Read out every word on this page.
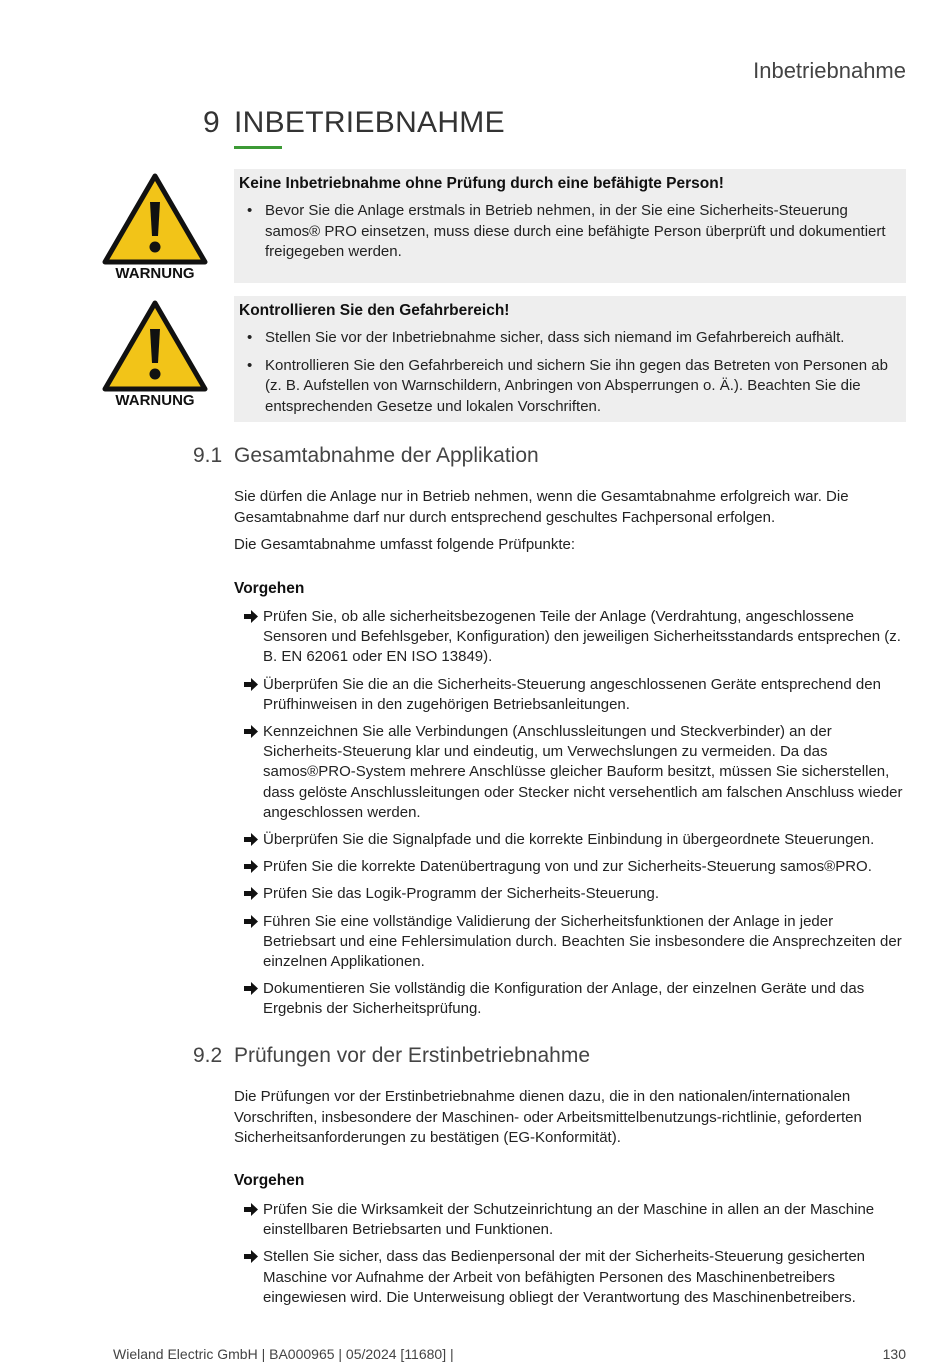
Inbetriebnahme
9 INBETRIEBNAHME
WARNUNG
Keine Inbetriebnahme ohne Prüfung durch eine befähigte Person!
• Bevor Sie die Anlage erstmals in Betrieb nehmen, in der Sie eine Sicherheits-Steuerung samos® PRO einsetzen, muss diese durch eine befähigte Person überprüft und dokumentiert freigegeben werden.
WARNUNG
Kontrollieren Sie den Gefahrbereich!
• Stellen Sie vor der Inbetriebnahme sicher, dass sich niemand im Gefahrbereich aufhält.
• Kontrollieren Sie den Gefahrbereich und sichern Sie ihn gegen das Betreten von Personen ab (z. B. Aufstellen von Warnschildern, Anbringen von Absperrungen o. Ä.). Beachten Sie die entsprechenden Gesetze und lokalen Vorschriften.
9.1 Gesamtabnahme der Applikation
Sie dürfen die Anlage nur in Betrieb nehmen, wenn die Gesamtabnahme erfolgreich war. Die Gesamtabnahme darf nur durch entsprechend geschultes Fachpersonal erfolgen.
Die Gesamtabnahme umfasst folgende Prüfpunkte:
Vorgehen
Prüfen Sie, ob alle sicherheitsbezogenen Teile der Anlage (Verdrahtung, angeschlossene Sensoren und Befehlsgeber, Konfiguration) den jeweiligen Sicherheitsstandards entsprechen (z. B. EN 62061 oder EN ISO 13849).
Überprüfen Sie die an die Sicherheits-Steuerung angeschlossenen Geräte entsprechend den Prüfhinweisen in den zugehörigen Betriebsanleitungen.
Kennzeichnen Sie alle Verbindungen (Anschlussleitungen und Steckverbinder) an der Sicherheits-Steuerung klar und eindeutig, um Verwechslungen zu vermeiden. Da das samos®PRO-System mehrere Anschlüsse gleicher Bauform besitzt, müssen Sie sicherstellen, dass gelöste Anschlussleitungen oder Stecker nicht versehentlich am falschen Anschluss wieder angeschlossen werden.
Überprüfen Sie die Signalpfade und die korrekte Einbindung in übergeordnete Steuerungen.
Prüfen Sie die korrekte Datenübertragung von und zur Sicherheits-Steuerung samos®PRO.
Prüfen Sie das Logik-Programm der Sicherheits-Steuerung.
Führen Sie eine vollständige Validierung der Sicherheitsfunktionen der Anlage in jeder Betriebsart und eine Fehlersimulation durch. Beachten Sie insbesondere die Ansprechzeiten der einzelnen Applikationen.
Dokumentieren Sie vollständig die Konfiguration der Anlage, der einzelnen Geräte und das Ergebnis der Sicherheitsprüfung.
9.2 Prüfungen vor der Erstinbetriebnahme
Die Prüfungen vor der Erstinbetriebnahme dienen dazu, die in den nationalen/internationalen Vorschriften, insbesondere der Maschinen- oder Arbeitsmittelbenutzungs-richtlinie, geforderten Sicherheitsanforderungen zu bestätigen (EG-Konformität).
Vorgehen
Prüfen Sie die Wirksamkeit der Schutzeinrichtung an der Maschine in allen an der Maschine einstellbaren Betriebsarten und Funktionen.
Stellen Sie sicher, dass das Bedienpersonal der mit der Sicherheits-Steuerung gesicherten Maschine vor Aufnahme der Arbeit von befähigten Personen des Maschinenbetreibers eingewiesen wird. Die Unterweisung obliegt der Verantwortung des Maschinenbetreibers.
Wieland Electric GmbH | BA000965 | 05/2024 [11680] |	130
